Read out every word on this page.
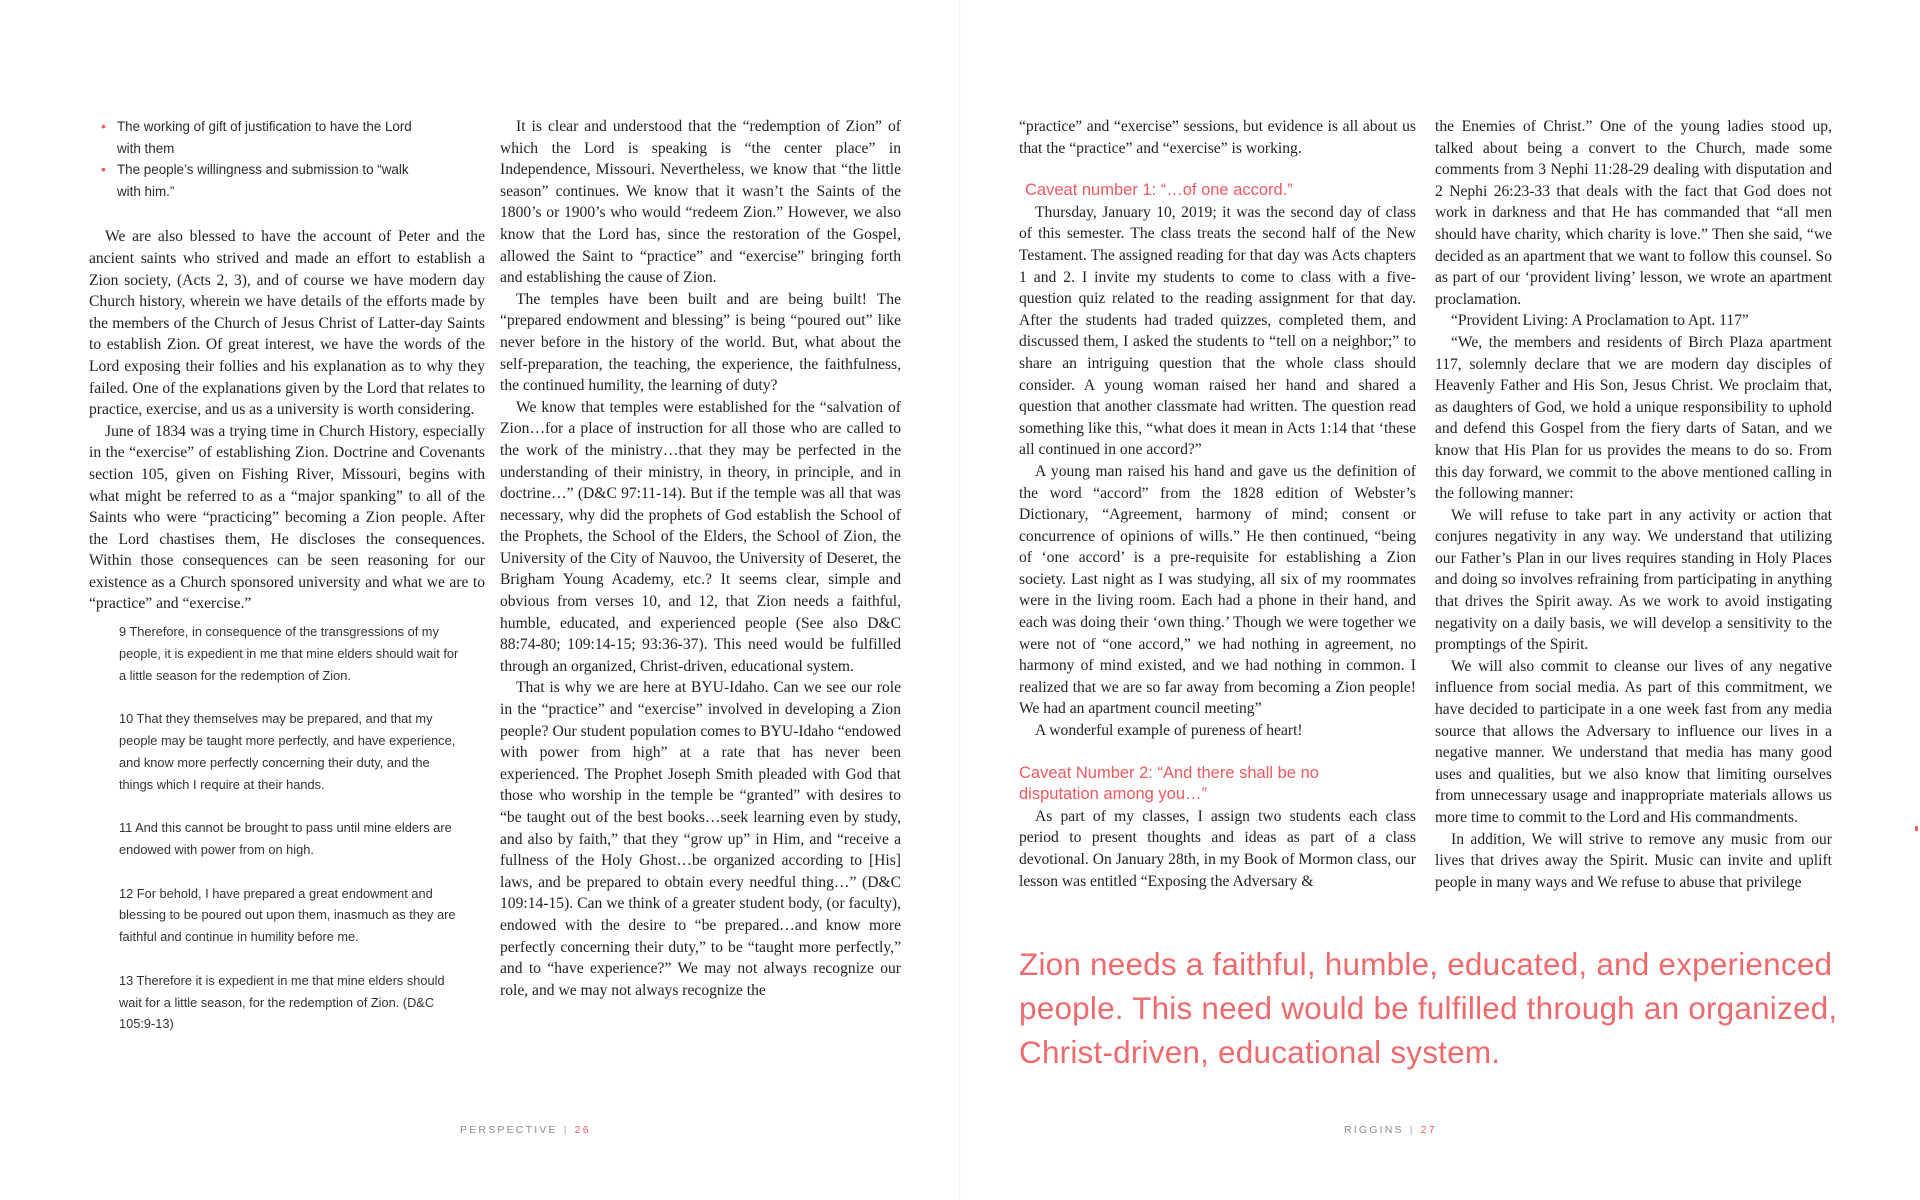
• The working of gift of justification to have the Lord with them
• The people’s willingness and submission to “walk with him.”

We are also blessed to have the account of Peter and the ancient saints who strived and made an effort to establish a Zion society, (Acts 2, 3), and of course we have modern day Church history, wherein we have details of the efforts made by the members of the Church of Jesus Christ of Latter-day Saints to establish Zion. Of great interest, we have the words of the Lord exposing their follies and his explanation as to why they failed. One of the explanations given by the Lord that relates to practice, exercise, and us as a university is worth considering.

June of 1834 was a trying time in Church History, especially in the “exercise” of establishing Zion. Doctrine and Covenants section 105, given on Fishing River, Missouri, begins with what might be referred to as a “major spanking” to all of the Saints who were “practicing” becoming a Zion people. After the Lord chastises them, He discloses the consequences. Within those consequences can be seen reasoning for our existence as a Church sponsored university and what we are to “practice” and “exercise.”

9 Therefore, in consequence of the transgressions of my people, it is expedient in me that mine elders should wait for a little season for the redemption of Zion.
10 That they themselves may be prepared, and that my people may be taught more perfectly, and have experience, and know more perfectly concerning their duty, and the things which I require at their hands.
11 And this cannot be brought to pass until mine elders are endowed with power from on high.
12 For behold, I have prepared a great endowment and blessing to be poured out upon them, inasmuch as they are faithful and continue in humility before me.
13 Therefore it is expedient in me that mine elders should wait for a little season, for the redemption of Zion. (D&C 105:9-13)

It is clear and understood that the “redemption of Zion” of which the Lord is speaking is “the center place” in Independence, Missouri. Nevertheless, we know that “the little season” continues. We know that it wasn’t the Saints of the 1800’s or 1900’s who would “redeem Zion.” However, we also know that the Lord has, since the restoration of the Gospel, allowed the Saint to “practice” and “exercise” bringing forth and establishing the cause of Zion.

The temples have been built and are being built! The “prepared endowment and blessing” is being “poured out” like never before in the history of the world. But, what about the self-preparation, the teaching, the experience, the faithfulness, the continued humility, the learning of duty?

We know that temples were established for the “salvation of Zion…for a place of instruction for all those who are called to the work of the ministry…that they may be perfected in the understanding of their ministry, in theory, in principle, and in doctrine…” (D&C 97:11-14). But if the temple was all that was necessary, why did the prophets of God establish the School of the Prophets, the School of the Elders, the School of Zion, the University of the City of Nauvoo, the University of Deseret, the Brigham Young Academy, etc.? It seems clear, simple and obvious from verses 10, and 12, that Zion needs a faithful, humble, educated, and experienced people (See also D&C 88:74-80; 109:14-15; 93:36-37). This need would be fulfilled through an organized, Christ-driven, educational system.

That is why we are here at BYU-Idaho. Can we see our role in the “practice” and “exercise” involved in developing a Zion people? Our student population comes to BYU-Idaho “endowed with power from high” at a rate that has never been experienced. The Prophet Joseph Smith pleaded with God that those who worship in the temple be “granted” with desires to “be taught out of the best books…seek learning even by study, and also by faith,” that they “grow up” in Him, and “receive a fullness of the Holy Ghost…be organized according to [His] laws, and be prepared to obtain every needful thing…” (D&C 109:14-15). Can we think of a greater student body, (or faculty), endowed with the desire to “be prepared…and know more perfectly concerning their duty,” to be “taught more perfectly,” and to “have experience?” We may not always recognize our role, and we may not always recognize the

“practice” and “exercise” sessions, but evidence is all about us that the “practice” and “exercise” is working.

Caveat number 1: “…of one accord.”

Thursday, January 10, 2019; it was the second day of class of this semester. The class treats the second half of the New Testament. The assigned reading for that day was Acts chapters 1 and 2. I invite my students to come to class with a five-question quiz related to the reading assignment for that day. After the students had traded quizzes, completed them, and discussed them, I asked the students to “tell on a neighbor;” to share an intriguing question that the whole class should consider. A young woman raised her hand and shared a question that another classmate had written. The question read something like this, “what does it mean in Acts 1:14 that ‘these all continued in one accord?”

A young man raised his hand and gave us the definition of the word “accord” from the 1828 edition of Webster’s Dictionary, “Agreement, harmony of mind; consent or concurrence of opinions of wills.” He then continued, “being of ‘one accord’ is a pre-requisite for establishing a Zion society. Last night as I was studying, all six of my roommates were in the living room. Each had a phone in their hand, and each was doing their ‘own thing.’ Though we were together we were not of “one accord,” we had nothing in agreement, no harmony of mind existed, and we had nothing in common. I realized that we are so far away from becoming a Zion people! We had an apartment council meeting”

A wonderful example of pureness of heart!

Caveat Number 2: “And there shall be no disputation among you…”

As part of my classes, I assign two students each class period to present thoughts and ideas as part of a class devotional. On January 28th, in my Book of Mormon class, our lesson was entitled “Exposing the Adversary &

the Enemies of Christ.” One of the young ladies stood up, talked about being a convert to the Church, made some comments from 3 Nephi 11:28-29 dealing with disputation and 2 Nephi 26:23-33 that deals with the fact that God does not work in darkness and that He has commanded that “all men should have charity, which charity is love.” Then she said, “we decided as an apartment that we want to follow this counsel. So as part of our ‘provident living’ lesson, we wrote an apartment proclamation.

“Provident Living: A Proclamation to Apt. 117”

“We, the members and residents of Birch Plaza apartment 117, solemnly declare that we are modern day disciples of Heavenly Father and His Son, Jesus Christ. We proclaim that, as daughters of God, we hold a unique responsibility to uphold and defend this Gospel from the fiery darts of Satan, and we know that His Plan for us provides the means to do so. From this day forward, we commit to the above mentioned calling in the following manner:

We will refuse to take part in any activity or action that conjures negativity in any way. We understand that utilizing our Father’s Plan in our lives requires standing in Holy Places and doing so involves refraining from participating in anything that drives the Spirit away. As we work to avoid instigating negativity on a daily basis, we will develop a sensitivity to the promptings of the Spirit.

We will also commit to cleanse our lives of any negative influence from social media. As part of this commitment, we have decided to participate in a one week fast from any media source that allows the Adversary to influence our lives in a negative manner. We understand that media has many good uses and qualities, but we also know that limiting ourselves from unnecessary usage and inappropriate materials allows us more time to commit to the Lord and His commandments.

In addition, We will strive to remove any music from our lives that drives away the Spirit. Music can invite and uplift people in many ways and We refuse to abuse that privilege

Zion needs a faithful, humble, educated, and experienced people. This need would be fulfilled through an organized, Christ-driven, educational system.
PERSPECTIVE | 26	RIGGINS | 27
